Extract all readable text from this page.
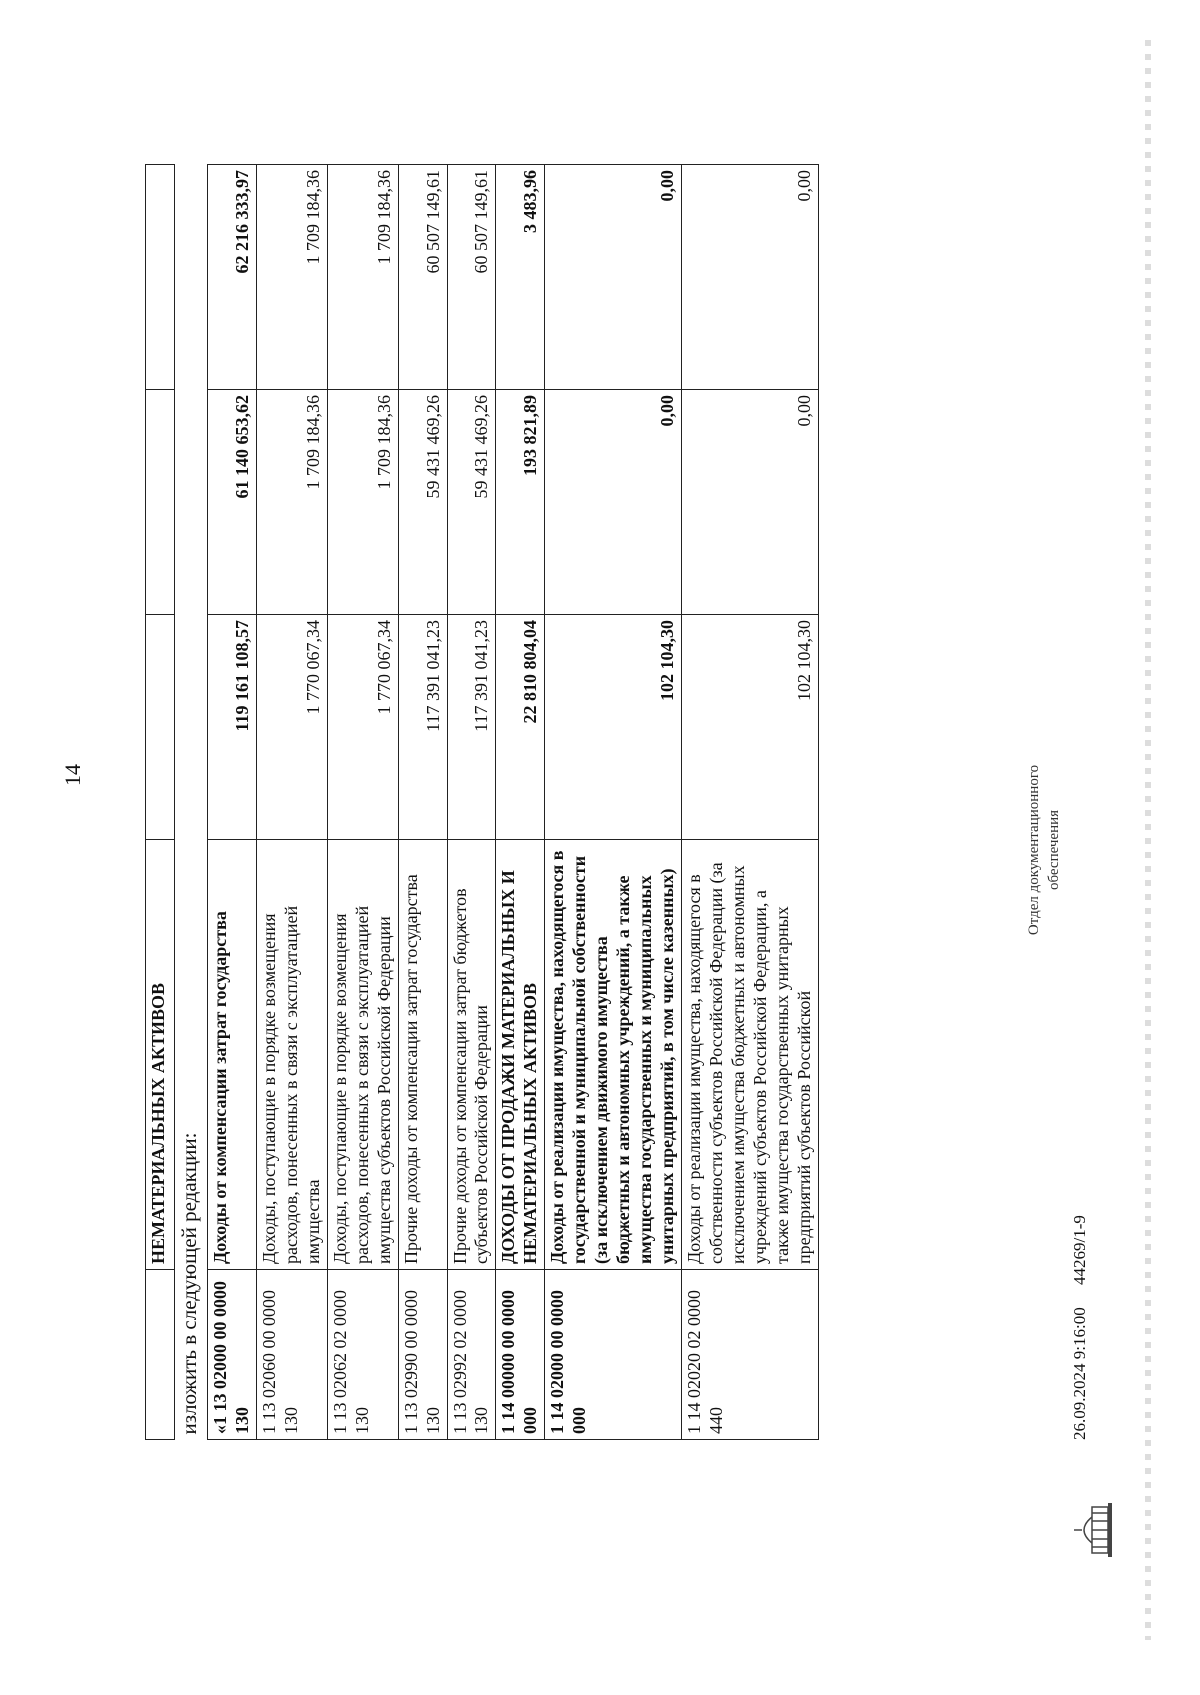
14
	НЕМАТЕРИАЛЬНЫХ АКТИВОВ			
изложить в следующей редакции:				
«1 13 02000 00 0000 130	Доходы от компенсации затрат государства	119 161 108,57	61 140 653,62	62 216 333,97
1 13 02060 00 0000 130	Доходы, поступающие в порядке возмещения расходов, понесенных в связи с эксплуатацией имущества	1 770 067,34	1 709 184,36	1 709 184,36
1 13 02062 02 0000 130	Доходы, поступающие в порядке возмещения расходов, понесенных в связи с эксплуатацией имущества субъектов Российской Федерации	1 770 067,34	1 709 184,36	1 709 184,36
1 13 02990 00 0000 130	Прочие доходы от компенсации затрат государства	117 391 041,23	59 431 469,26	60 507 149,61
1 13 02992 02 0000 130	Прочие доходы от компенсации затрат бюджетов субъектов Российской Федерации	117 391 041,23	59 431 469,26	60 507 149,61
1 14 00000 00 0000 000	ДОХОДЫ ОТ ПРОДАЖИ МАТЕРИАЛЬНЫХ И НЕМАТЕРИАЛЬНЫХ АКТИВОВ	22 810 804,04	193 821,89	3 483,96
1 14 02000 00 0000 000	Доходы от реализации имущества, находящегося в государственной и муниципальной собственности (за исключением движимого имущества бюджетных и автономных учреждений, а также имущества государственных и муниципальных унитарных предприятий, в том числе казенных)	102 104,30	0,00	0,00
1 14 02020 02 0000 440	Доходы от реализации имущества, находящегося в собственности субъектов Российской Федерации (за исключением имущества бюджетных и автономных учреждений субъектов Российской Федерации, а также имущества государственных унитарных предприятий субъектов Российской	102 104,30	0,00	0,00
26.09.2024 9:16:00
44269/1-9
Отдел документационного обеспечения
